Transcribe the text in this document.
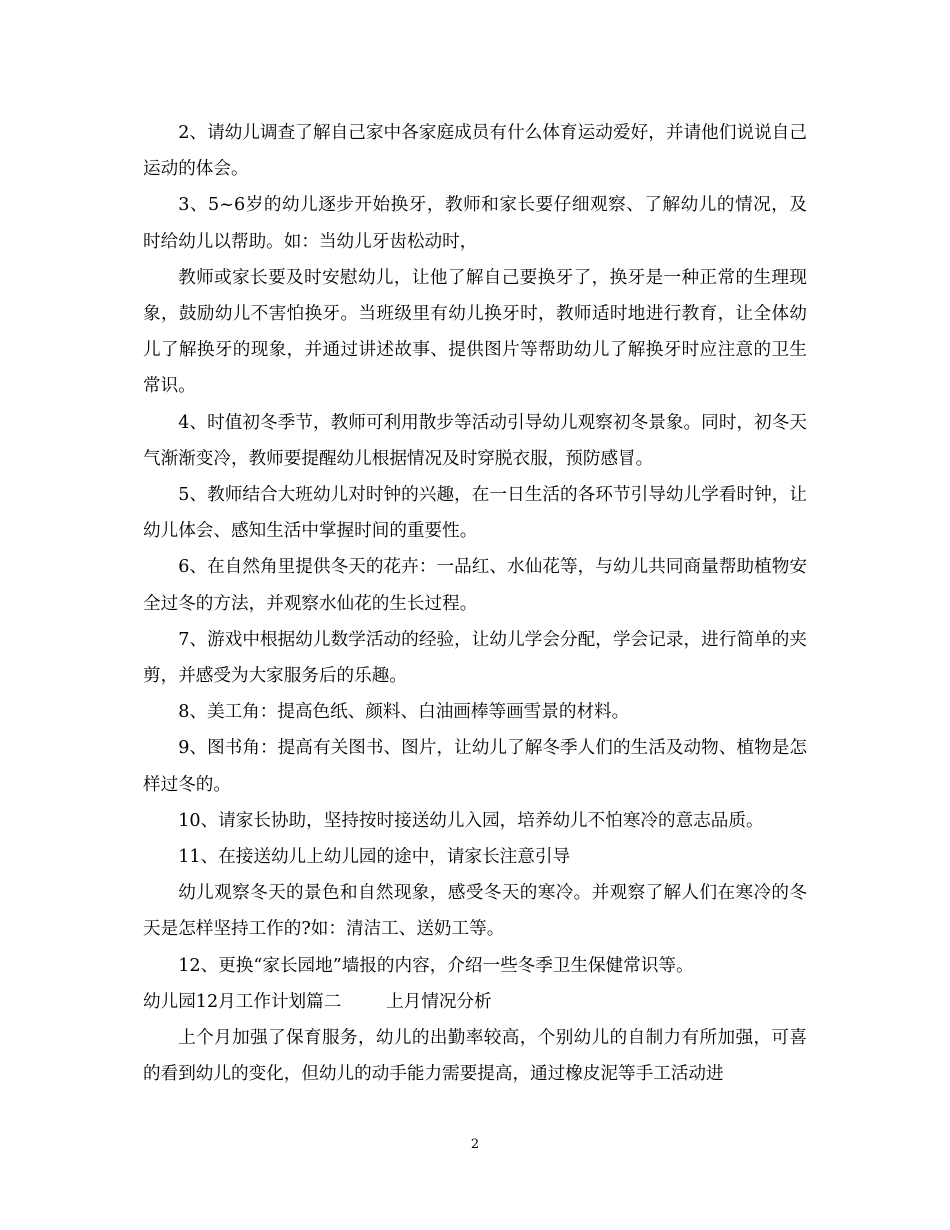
2、请幼儿调查了解自己家中各家庭成员有什么体育运动爱好，并请他们说说自己运动的体会。

3、5~6岁的幼儿逐步开始换牙，教师和家长要仔细观察、了解幼儿的情况，及时给幼儿以帮助。如：当幼儿牙齿松动时，

教师或家长要及时安慰幼儿，让他了解自己要换牙了，换牙是一种正常的生理现象，鼓励幼儿不害怕换牙。当班级里有幼儿换牙时，教师适时地进行教育，让全体幼儿了解换牙的现象，并通过讲述故事、提供图片等帮助幼儿了解换牙时应注意的卫生常识。

4、时值初冬季节，教师可利用散步等活动引导幼儿观察初冬景象。同时，初冬天气渐渐变冷，教师要提醒幼儿根据情况及时穿脱衣服，预防感冒。

5、教师结合大班幼儿对时钟的兴趣，在一日生活的各环节引导幼儿学看时钟，让幼儿体会、感知生活中掌握时间的重要性。

6、在自然角里提供冬天的花卉：一品红、水仙花等，与幼儿共同商量帮助植物安全过冬的方法，并观察水仙花的生长过程。

7、游戏中根据幼儿数学活动的经验，让幼儿学会分配，学会记录，进行简单的夹剪，并感受为大家服务后的乐趣。

8、美工角：提高色纸、颜料、白油画棒等画雪景的材料。

9、图书角：提高有关图书、图片，让幼儿了解冬季人们的生活及动物、植物是怎样过冬的。

10、请家长协助，坚持按时接送幼儿入园，培养幼儿不怕寒冷的意志品质。

11、在接送幼儿上幼儿园的途中，请家长注意引导

幼儿观察冬天的景色和自然现象，感受冬天的寒冷。并观察了解人们在寒冷的冬天是怎样坚持工作的?如：清洁工、送奶工等。

12、更换“家长园地”墙报的内容，介绍一些冬季卫生保健常识等。

幼儿园12月工作计划篇二	上月情况分析

上个月加强了保育服务，幼儿的出勤率较高，个别幼儿的自制力有所加强，可喜的看到幼儿的变化，但幼儿的动手能力需要提高，通过橡皮泥等手工活动进

2
